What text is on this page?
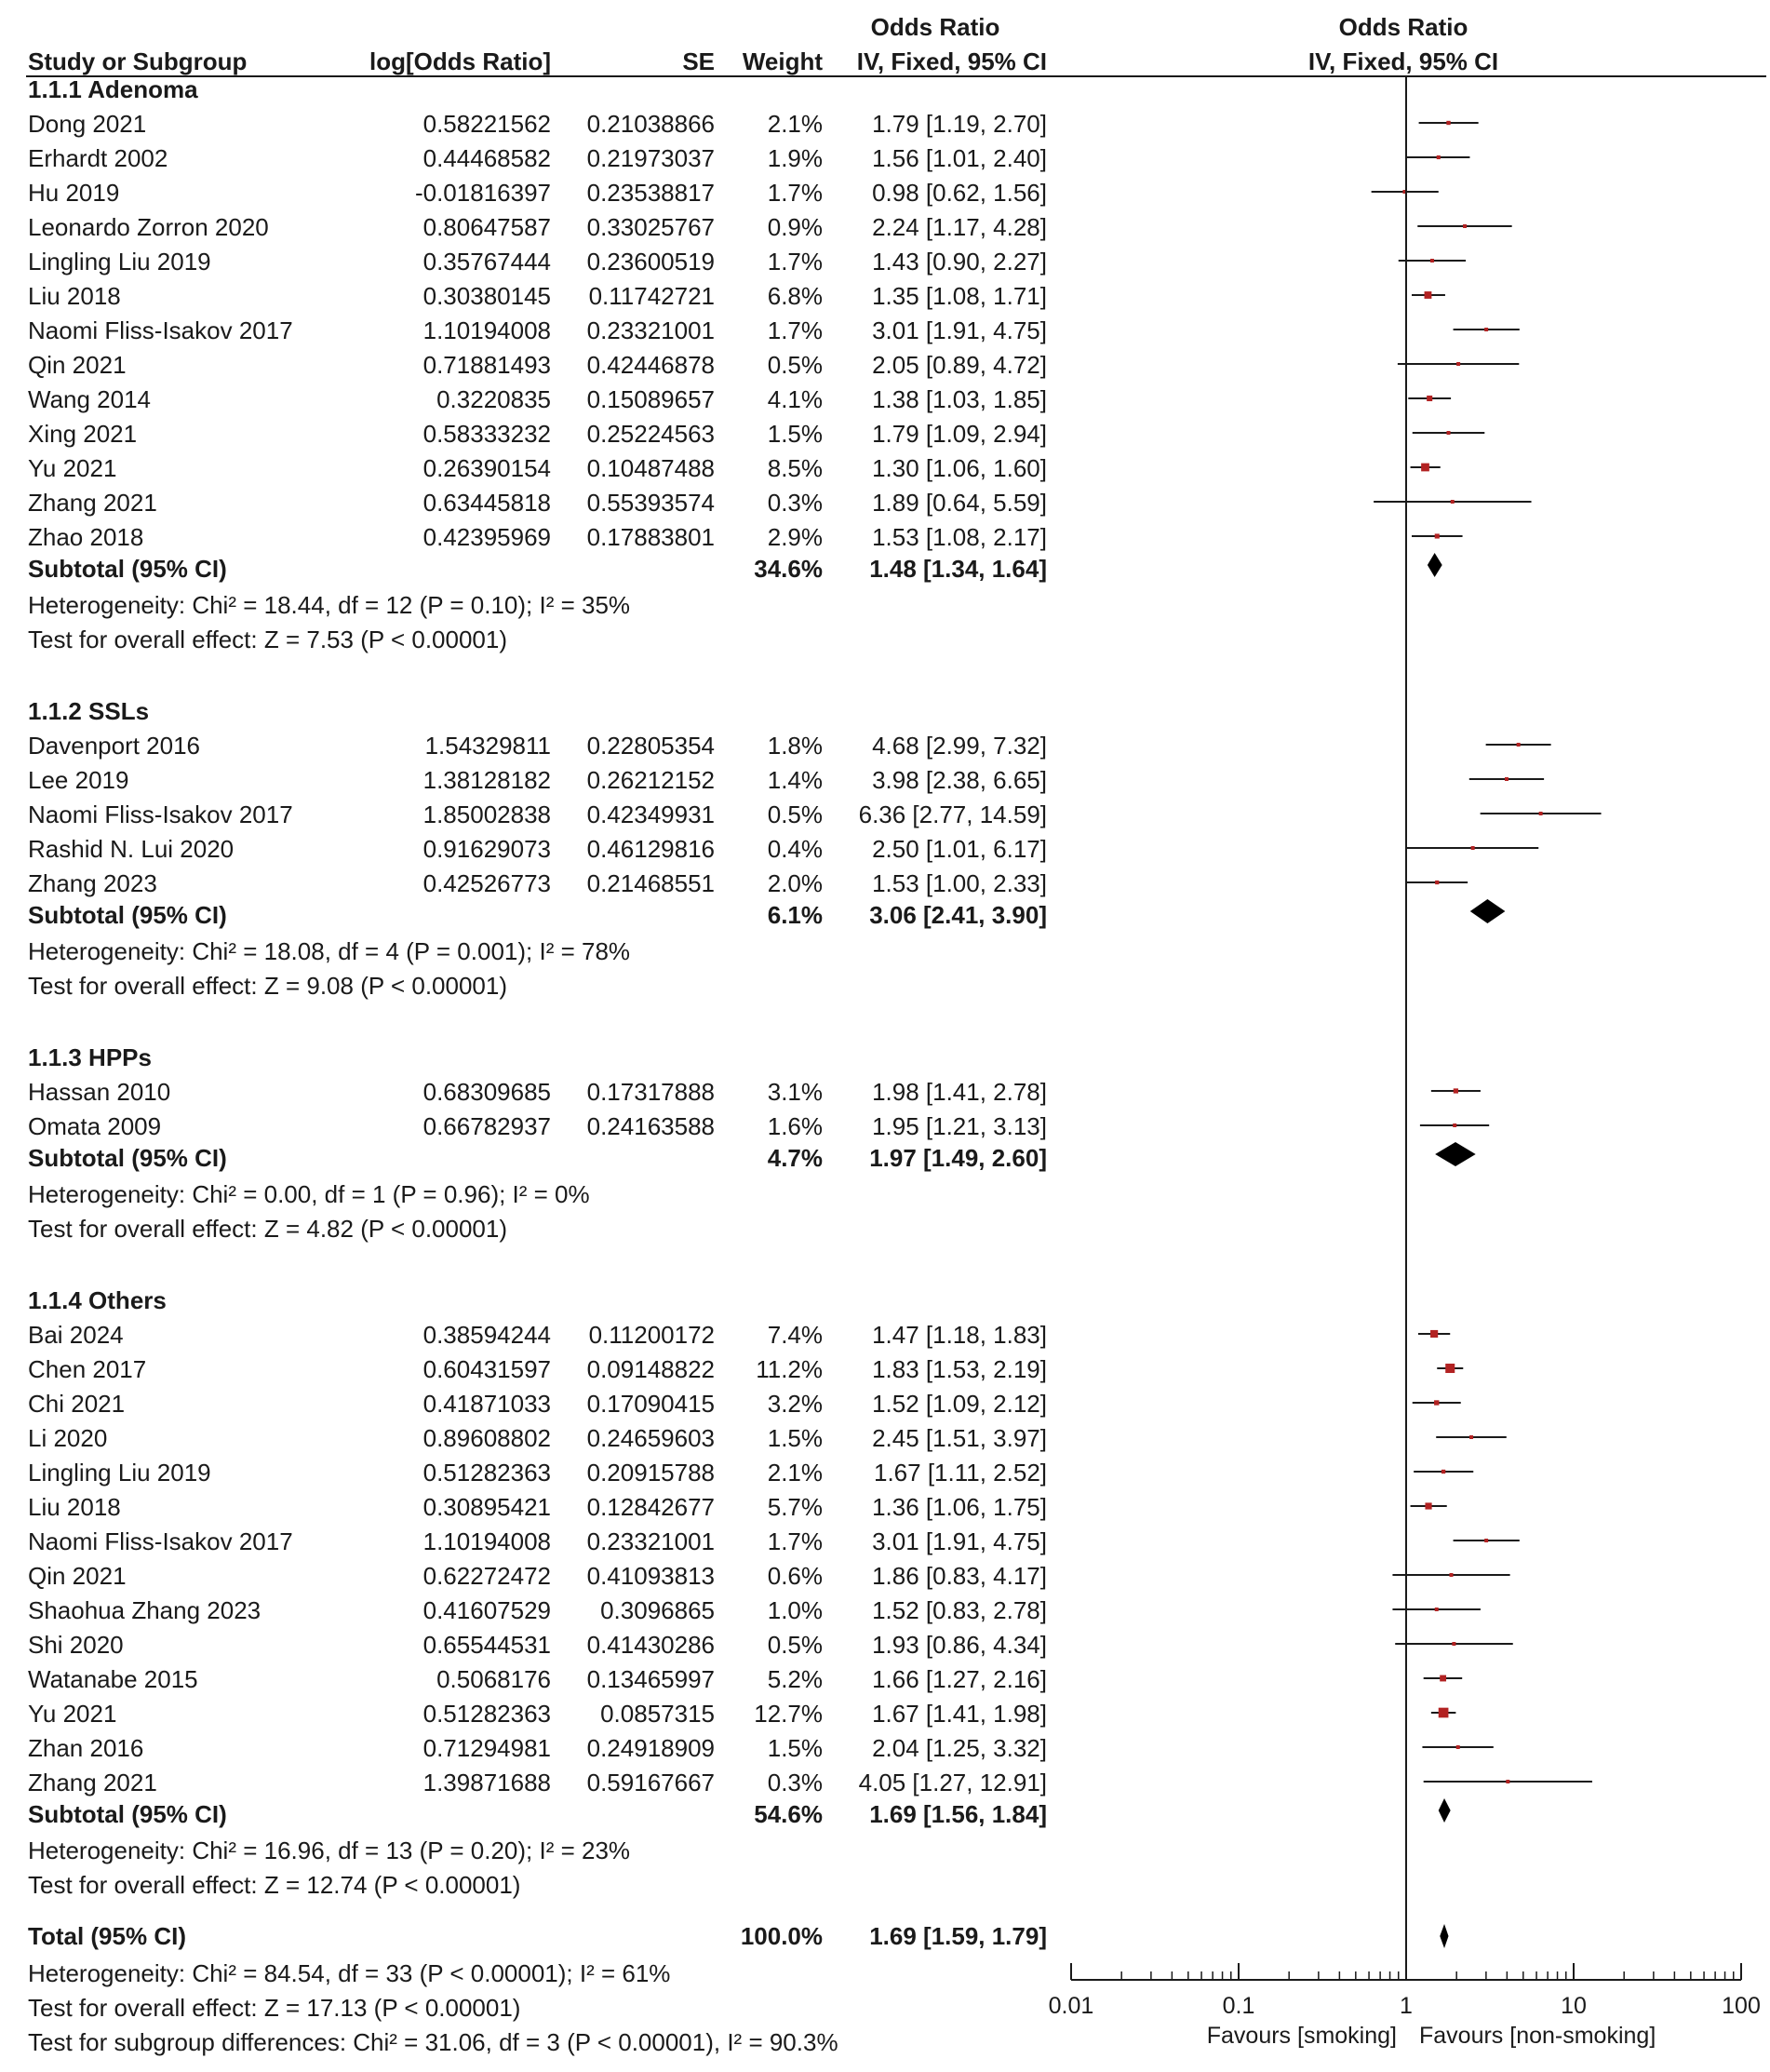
Odds Ratio
Study or Subgroup	log[Odds Ratio]	SE Weight IV, Fixed, 95% CI
Odds Ratio
IV, Fixed, 95% CI
1.1.1 Adenoma
Dong 2021	0.58221562 0.21038866 2.1% 1.79 [1.19, 2.70]
Erhardt 2002	0.44468582 0.21973037 1.9% 1.56 [1.01, 2.40]
Hu 2019	-0.01816397 0.23538817 1.7% 0.98 [0.62, 1.56]
Leonardo Zorron 2020	0.80647587 0.33025767 0.9% 2.24 [1.17, 4.28]
Lingling Liu 2019	0.35767444 0.23600519 1.7% 1.43 [0.90, 2.27]
Liu 2018	0.30380145 0.11742721 6.8% 1.35 [1.08, 1.71]
Naomi Fliss-Isakov 2017	1.10194008 0.23321001 1.7% 3.01 [1.91, 4.75]
Qin 2021	0.71881493 0.42446878 0.5% 2.05 [0.89, 4.72]
Wang 2014	0.3220835 0.15089657 4.1% 1.38 [1.03, 1.85]
Xing 2021	0.58333232 0.25224563 1.5% 1.79 [1.09, 2.94]
Yu 2021	0.26390154 0.10487488 8.5% 1.30 [1.06, 1.60]
Zhang 2021	0.63445818 0.55393574 0.3% 1.89 [0.64, 5.59]
Zhao 2018	0.42395969 0.17883801 2.9% 1.53 [1.08, 2.17]
Subtotal (95% CI)	34.6% 1.48 [1.34, 1.64]
Heterogeneity: Chi² = 18.44, df = 12 (P = 0.10); I² = 35%
Test for overall effect: Z = 7.53 (P < 0.00001)
1.1.2 SSLs
Davenport 2016	1.54329811 0.22805354 1.8% 4.68 [2.99, 7.32]
Lee 2019	1.38128182 0.26212152 1.4% 3.98 [2.38, 6.65]
Naomi Fliss-Isakov 2017	1.85002838 0.42349931 0.5% 6.36 [2.77, 14.59]
Rashid N. Lui 2020	0.91629073 0.46129816 0.4% 2.50 [1.01, 6.17]
Zhang 2023	0.42526773 0.21468551 2.0% 1.53 [1.00, 2.33]
Subtotal (95% CI)	6.1% 3.06 [2.41, 3.90]
Heterogeneity: Chi² = 18.08, df = 4 (P = 0.001); I² = 78%
Test for overall effect: Z = 9.08 (P < 0.00001)
1.1.3 HPPs
Hassan 2010	0.68309685 0.17317888 3.1% 1.98 [1.41, 2.78]
Omata 2009	0.66782937 0.24163588 1.6% 1.95 [1.21, 3.13]
Subtotal (95% CI)	4.7% 1.97 [1.49, 2.60]
Heterogeneity: Chi² = 0.00, df = 1 (P = 0.96); I² = 0%
Test for overall effect: Z = 4.82 (P < 0.00001)
1.1.4 Others
Bai 2024	0.38594244 0.11200172 7.4% 1.47 [1.18, 1.83]
Chen 2017	0.60431597 0.09148822 11.2% 1.83 [1.53, 2.19]
Chi 2021	0.41871033 0.17090415 3.2% 1.52 [1.09, 2.12]
Li 2020	0.89608802 0.24659603 1.5% 2.45 [1.51, 3.97]
Lingling Liu 2019	0.51282363 0.20915788 2.1% 1.67 [1.11, 2.52]
Liu 2018	0.30895421 0.12842677 5.7% 1.36 [1.06, 1.75]
Naomi Fliss-Isakov 2017	1.10194008 0.23321001 1.7% 3.01 [1.91, 4.75]
Qin 2021	0.62272472 0.41093813 0.6% 1.86 [0.83, 4.17]
Shaohua Zhang 2023	0.41607529 0.3096865 1.0% 1.52 [0.83, 2.78]
Shi 2020	0.65544531 0.41430286 0.5% 1.93 [0.86, 4.34]
Watanabe 2015	0.5068176 0.13465997 5.2% 1.66 [1.27, 2.16]
Yu 2021	0.51282363 0.0857315 12.7% 1.67 [1.41, 1.98]
Zhan 2016	0.71294981 0.24918909 1.5% 2.04 [1.25, 3.32]
Zhang 2021	1.39871688 0.59167667 0.3% 4.05 [1.27, 12.91]
Subtotal (95% CI)	54.6% 1.69 [1.56, 1.84]
Heterogeneity: Chi² = 16.96, df = 13 (P = 0.20); I² = 23%
Test for overall effect: Z = 12.74 (P < 0.00001)
Total (95% CI)	100.0% 1.69 [1.59, 1.79]
Heterogeneity: Chi² = 84.54, df = 33 (P < 0.00001); I² = 61%
Test for overall effect: Z = 17.13 (P < 0.00001)
Test for subgroup differences: Chi² = 31.06, df = 3 (P < 0.00001), I² = 90.3%
0.01	0.1	1	10	100
Favours [smoking] Favours [non-smoking]
